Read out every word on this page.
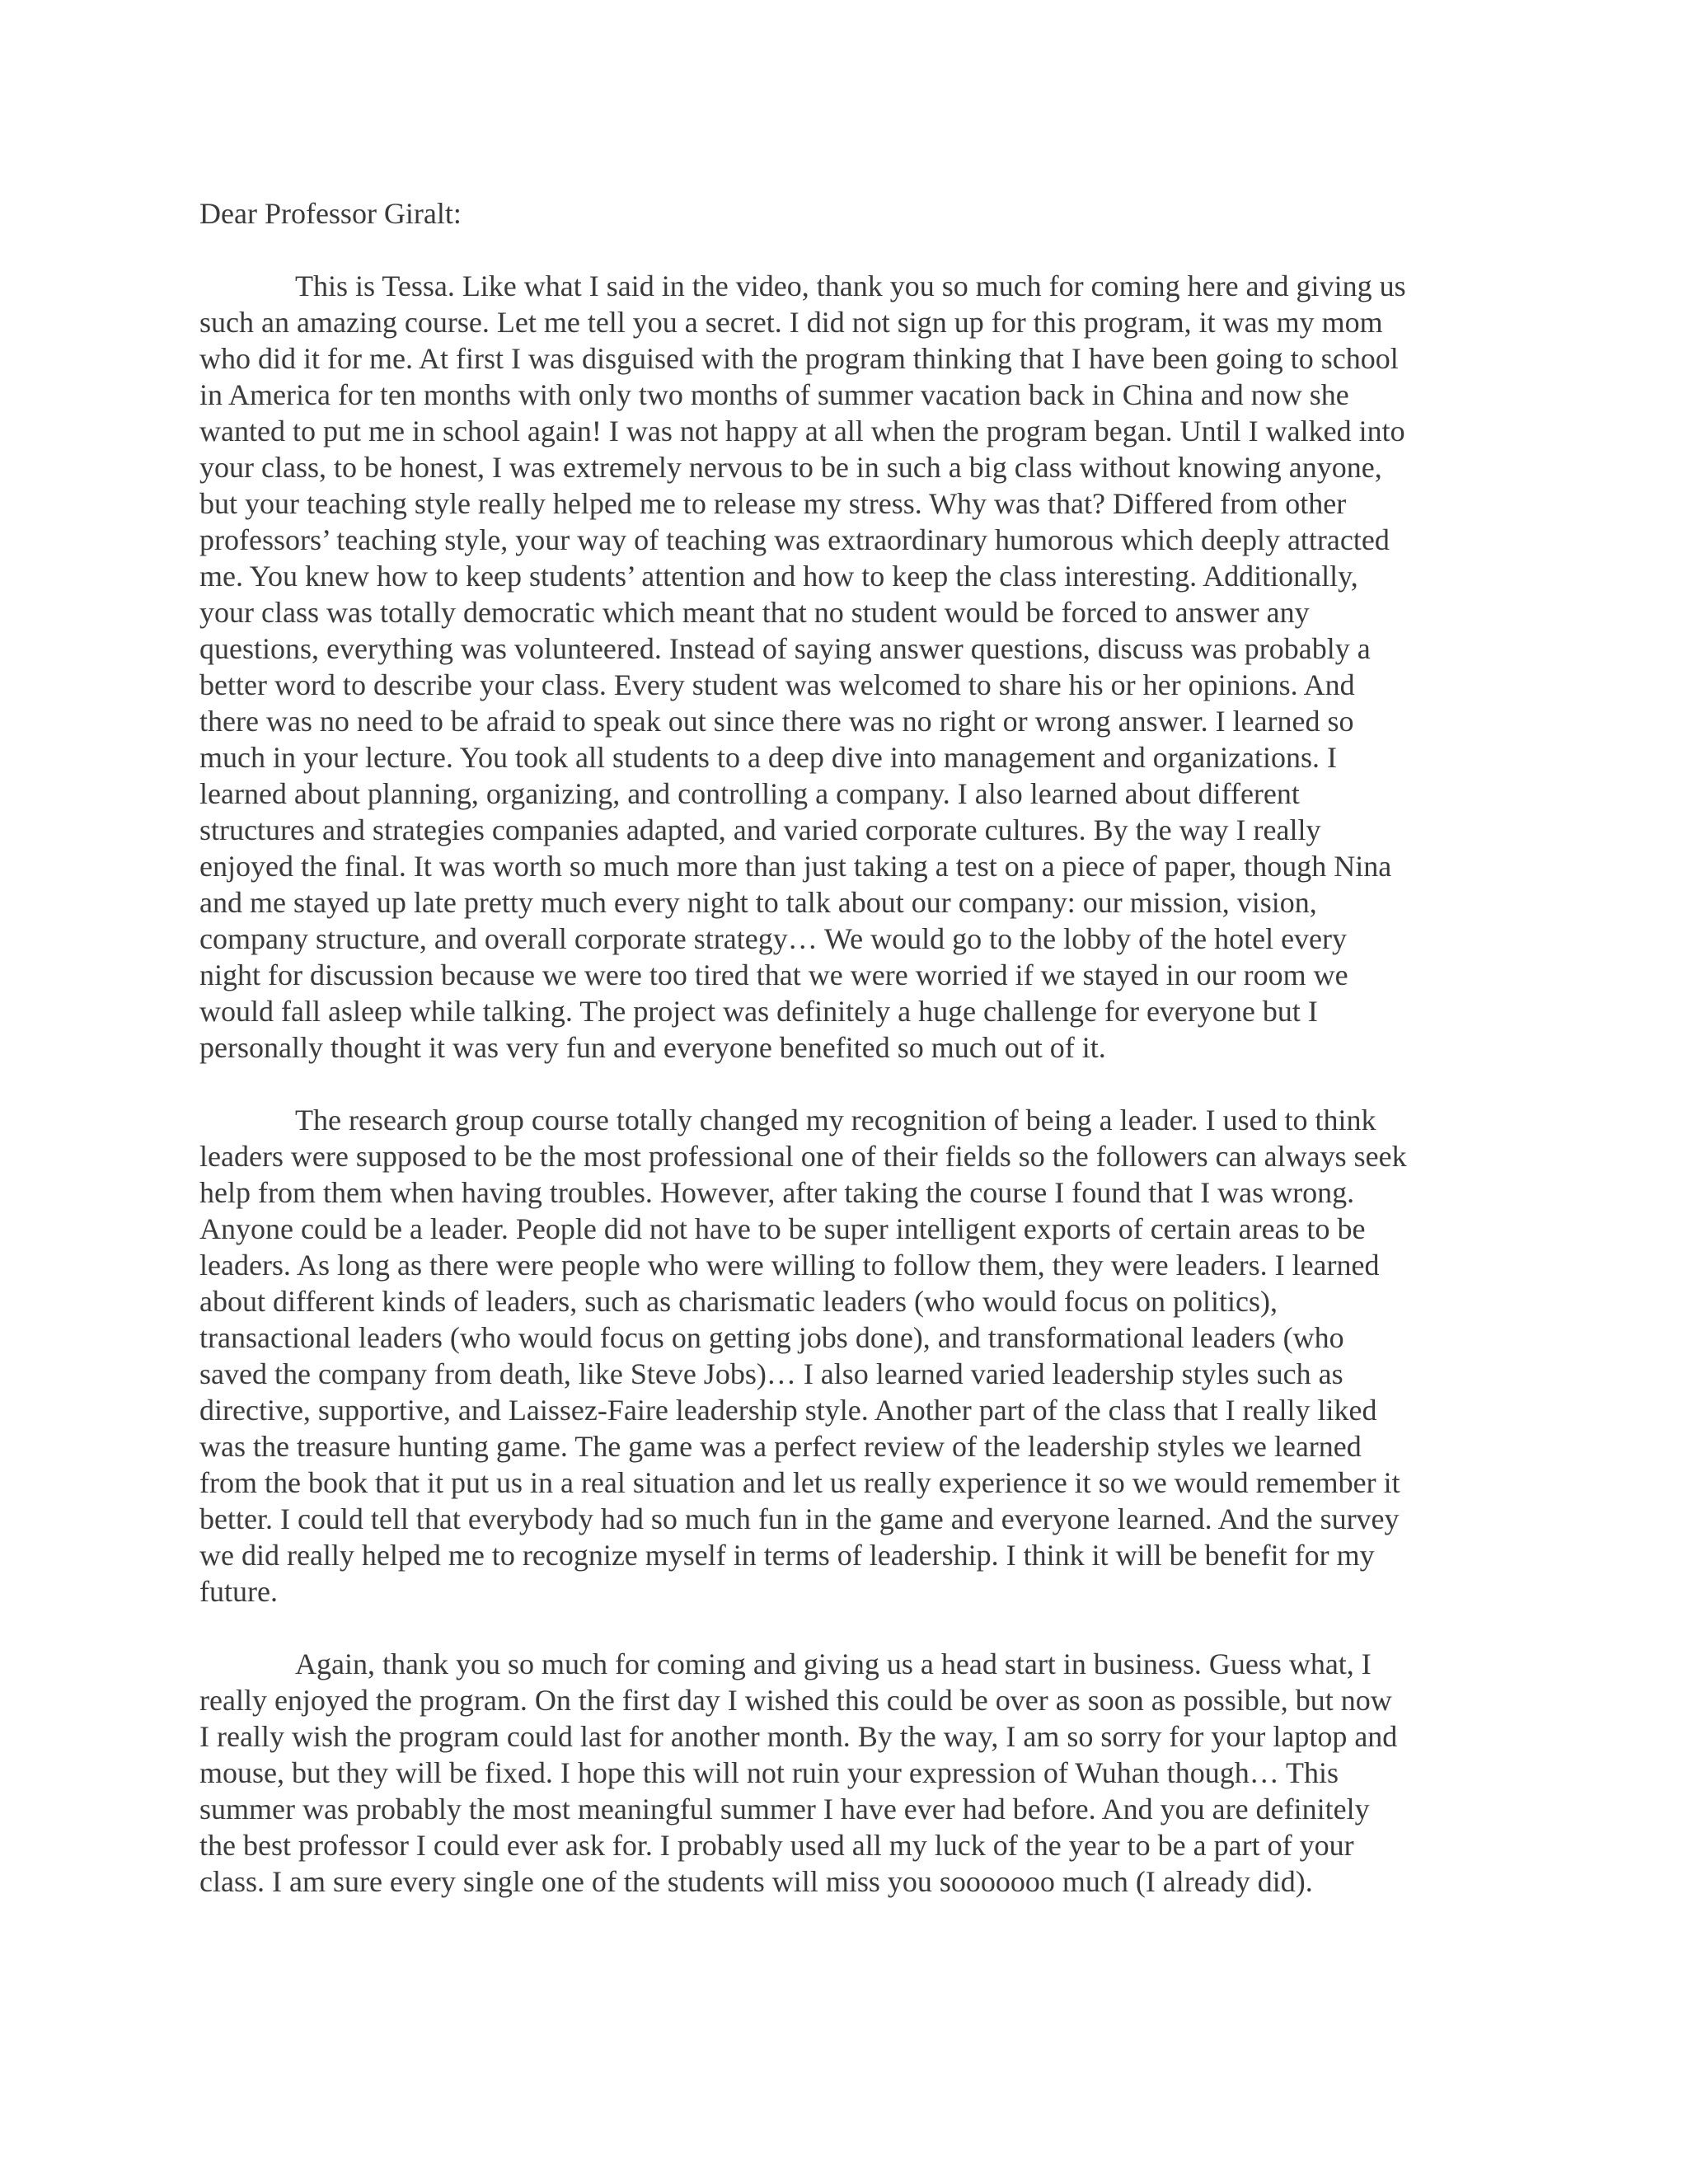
Dear Professor Giralt:

This is Tessa. Like what I said in the video, thank you so much for coming here and giving us
such an amazing course. Let me tell you a secret. I did not sign up for this program, it was my mom
who did it for me. At first I was disguised with the program thinking that I have been going to school
in America for ten months with only two months of summer vacation back in China and now she
wanted to put me in school again! I was not happy at all when the program began. Until I walked into
your class, to be honest, I was extremely nervous to be in such a big class without knowing anyone,
but your teaching style really helped me to release my stress. Why was that? Differed from other
professors’ teaching style, your way of teaching was extraordinary humorous which deeply attracted
me. You knew how to keep students’ attention and how to keep the class interesting. Additionally,
your class was totally democratic which meant that no student would be forced to answer any
questions, everything was volunteered. Instead of saying answer questions, discuss was probably a
better word to describe your class. Every student was welcomed to share his or her opinions. And
there was no need to be afraid to speak out since there was no right or wrong answer. I learned so
much in your lecture. You took all students to a deep dive into management and organizations. I
learned about planning, organizing, and controlling a company. I also learned about different
structures and strategies companies adapted, and varied corporate cultures. By the way I really
enjoyed the final. It was worth so much more than just taking a test on a piece of paper, though Nina
and me stayed up late pretty much every night to talk about our company: our mission, vision,
company structure, and overall corporate strategy… We would go to the lobby of the hotel every
night for discussion because we were too tired that we were worried if we stayed in our room we
would fall asleep while talking. The project was definitely a huge challenge for everyone but I
personally thought it was very fun and everyone benefited so much out of it.
The research group course totally changed my recognition of being a leader. I used to think
leaders were supposed to be the most professional one of their fields so the followers can always seek
help from them when having troubles. However, after taking the course I found that I was wrong.
Anyone could be a leader. People did not have to be super intelligent exports of certain areas to be
leaders. As long as there were people who were willing to follow them, they were leaders. I learned
about different kinds of leaders, such as charismatic leaders (who would focus on politics),
transactional leaders (who would focus on getting jobs done), and transformational leaders (who
saved the company from death, like Steve Jobs)… I also learned varied leadership styles such as
directive, supportive, and Laissez-Faire leadership style. Another part of the class that I really liked
was the treasure hunting game. The game was a perfect review of the leadership styles we learned
from the book that it put us in a real situation and let us really experience it so we would remember it
better. I could tell that everybody had so much fun in the game and everyone learned. And the survey
we did really helped me to recognize myself in terms of leadership. I think it will be benefit for my
future.
Again, thank you so much for coming and giving us a head start in business. Guess what, I
really enjoyed the program. On the first day I wished this could be over as soon as possible, but now
I really wish the program could last for another month. By the way, I am so sorry for your laptop and
mouse, but they will be fixed. I hope this will not ruin your expression of Wuhan though… This
summer was probably the most meaningful summer I have ever had before. And you are definitely
the best professor I could ever ask for. I probably used all my luck of the year to be a part of your
class. I am sure every single one of the students will miss you sooooooo much (I already did).
